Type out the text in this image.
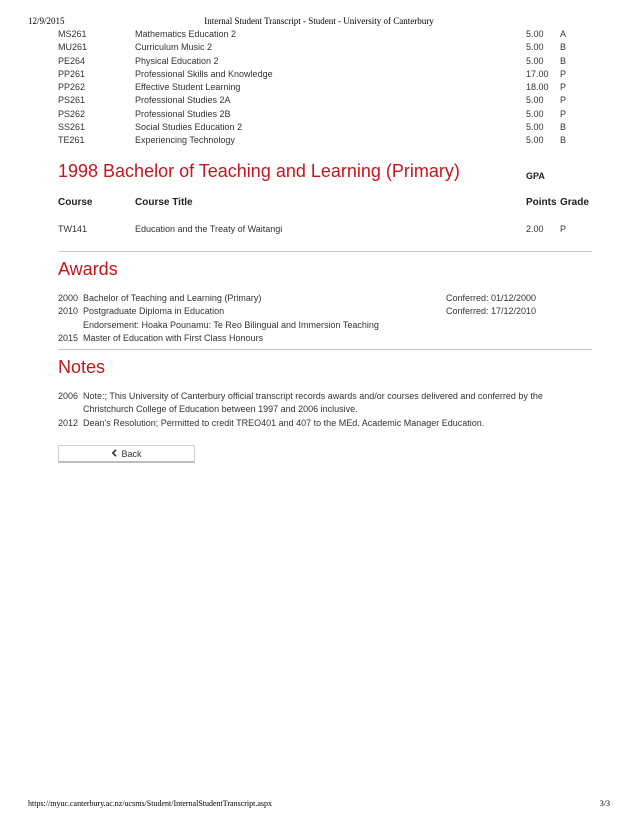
12/9/2015	Internal Student Transcript - Student - University of Canterbury
MS261	Mathematics Education 2	5.00	A
MU261	Curriculum Music 2	5.00	B
PE264	Physical Education 2	5.00	B
PP261	Professional Skills and Knowledge	17.00	P
PP262	Effective Student Learning	18.00	P
PS261	Professional Studies 2A	5.00	P
PS262	Professional Studies 2B	5.00	P
SS261	Social Studies Education 2	5.00	B
TE261	Experiencing Technology	5.00	B
1998 Bachelor of Teaching and Learning (Primary)	GPA
Course	Course Title	Points Grade
TW141	Education and the Treaty of Waitangi	2.00	P
Awards
2000 Bachelor of Teaching and Learning (Primary)	Conferred: 01/12/2000
2010 Postgraduate Diploma in Education	Conferred: 17/12/2010
Endorsement: Hoaka Pounamu: Te Reo Bilingual and Immersion Teaching
2015 Master of Education with First Class Honours
Notes
2006 Note:; This University of Canterbury official transcript records awards and/or courses delivered and conferred by the Christchurch College of Education between 1997 and 2006 inclusive.
2012 Dean's Resolution; Permitted to credit TREO401 and 407 to the MEd. Academic Manager Education.
Back
https://myuc.canterbury.ac.nz/ucsms/Student/InternalStudentTranscript.aspx	3/3
